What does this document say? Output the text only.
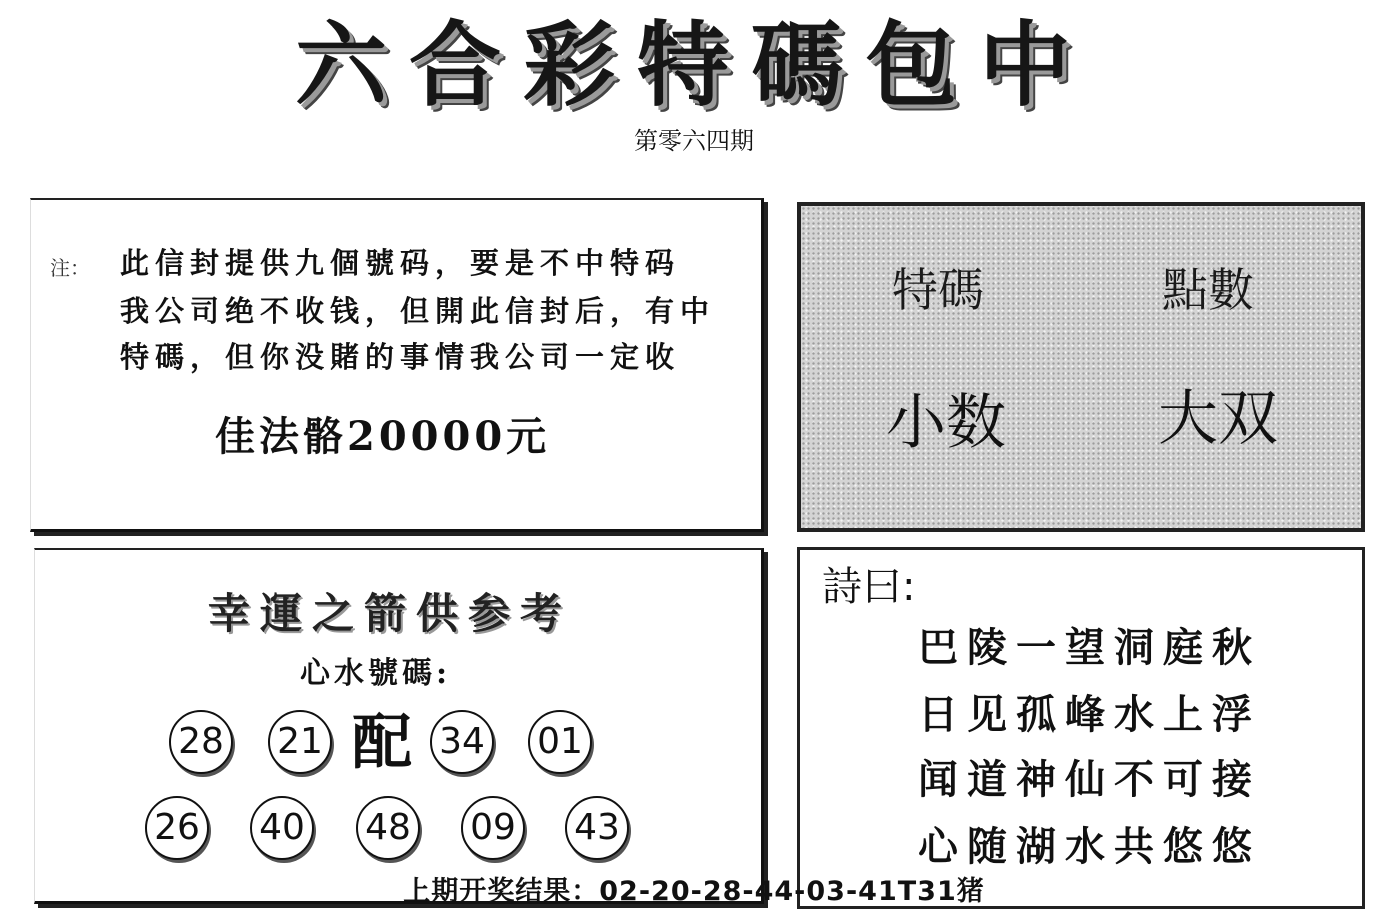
六合彩特碼包中
第零六四期
注： 此信封提供九個號码，要是不中特码
我公司绝不收钱，但開此信封后，有中
特碼，但你没賭的事情我公司一定收
佳法骼20000元
特碼	點數
小数	大双
幸運之箭供参考
心水號碼:
28 21 配 34 01
26 40 48 09 43
詩曰:
巴陵一望洞庭秋
日见孤峰水上浮
闻道神仙不可接
心随湖水共悠悠
上期开奖结果：02-20-28-44-03-41T31猪
